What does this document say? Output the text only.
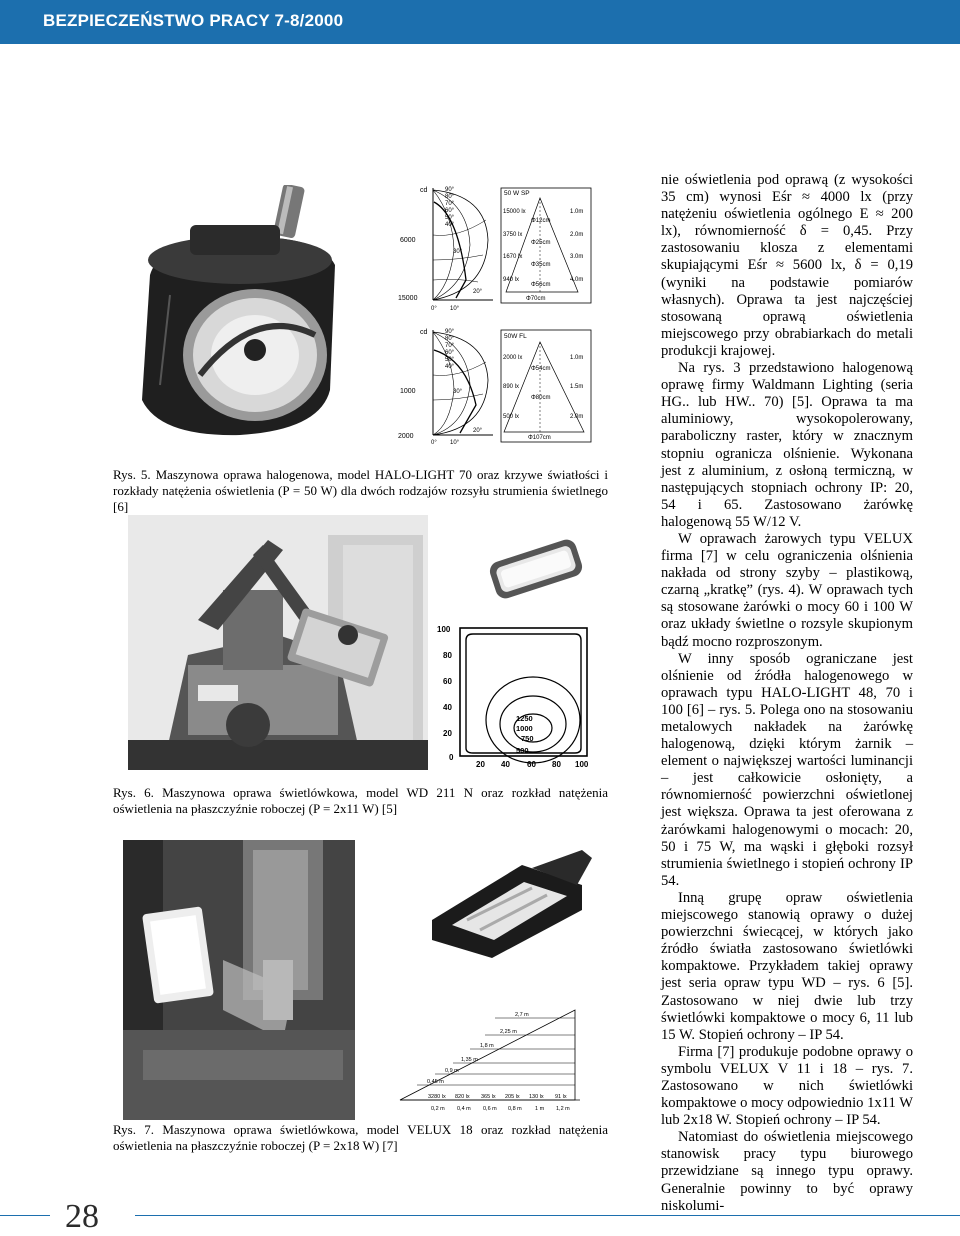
BEZPIECZEŃSTWO PRACY 7-8/2000
cd
6000
15000
90°
80°
70°
60°
50°
40°
30°
20°
0° 10°
50 W SP
15000 lx
Φ12cm
1.0m
3750 lx
Φ25cm
2.0m
1670 lx
Φ35cm
3.0m
940 lx
Φ56cm
4.0m
Φ70cm
cd
1000
2000
90°
80°
70°
60°
50°
40°
30°
20°
0° 10°
50W FL
2000 lx
Φ54cm
1.0m
890 lx
Φ80cm
1.5m
500 lx	2.0m
Φ107cm
Rys. 5. Maszynowa oprawa halogenowa, model HALO-LIGHT 70 oraz krzywe światłości i rozkłady natężenia oświetlenia (P = 50 W) dla dwóch rodzajów rozsyłu strumienia świetlnego [6]
100
80
60
40
20
0
20 40 60 80 100
1250
1000
750
500
Rys. 6. Maszynowa oprawa świetlówkowa, model WD 211 N oraz rozkład natężenia oświetlenia na płaszczyźnie roboczej (P = 2x11 W) [5]
2,7 m
2,25 m
1,8 m
1,35 m
0,9 m
0,45 m
3280 lx 820 lx 365 lx 205 lx 130 lx 91 lx
0,2 m 0,4 m 0,6 m 0,8 m 1 m 1,2 m
Rys. 7. Maszynowa oprawa świetlówkowa, model VELUX 18 oraz rozkład natężenia oświetlenia na płaszczyźnie roboczej (P = 2x18 W) [7]

nie oświetlenia pod oprawą (z wysokości 35 cm) wynosi Eśr ≈ 4000 lx (przy natężeniu oświetlenia ogólnego E ≈ 200 lx), równomierność δ = 0,45. Przy zastosowaniu klosza z elementami skupiającymi Eśr ≈ 5600 lx, δ = 0,19 (wyniki na podstawie pomiarów własnych). Oprawa ta jest najczęściej stosowaną oprawą oświetlenia miejscowego przy obrabiarkach do metali produkcji krajowej.

Na rys. 3 przedstawiono halogenową oprawę firmy Waldmann Lighting (seria HG.. lub HW.. 70) [5]. Oprawa ta ma aluminiowy, wysokopolerowany, paraboliczny raster, który w znacznym stopniu ogranicza olśnienie. Wykonana jest z aluminium, z osłoną termiczną, w następujących stopniach ochrony IP: 20, 54 i 65. Zastosowano żarówkę halogenową 55 W/12 V.

W oprawach żarowych typu VELUX firma [7] w celu ograniczenia olśnienia nakłada od strony szyby – plastikową, czarną „kratkę” (rys. 4). W oprawach tych są stosowane żarówki o mocy 60 i 100 W oraz układy świetlne o rozsyle skupionym bądź mocno rozproszonym.

W inny sposób ograniczane jest olśnienie od źródła halogenowego w oprawach typu HALO-LIGHT 48, 70 i 100 [6] – rys. 5. Polega ono na stosowaniu metalowych nakładek na żarówkę halogenową, dzięki którym żarnik – element o największej wartości luminancji – jest całkowicie osłonięty, a równomierność powierzchni oświetlonej jest większa. Oprawa ta jest oferowana z żarówkami halogenowymi o mocach: 20, 50 i 75 W, ma wąski i głęboki rozsył strumienia świetlnego i stopień ochrony IP 54.

Inną grupę opraw oświetlenia miejscowego stanowią oprawy o dużej powierzchni świecącej, w których jako źródło światła zastosowano świetlówki kompaktowe. Przykładem takiej oprawy jest seria opraw typu WD – rys. 6 [5]. Zastosowano w niej dwie lub trzy świetlówki kompaktowe o mocy 6, 11 lub 15 W. Stopień ochrony – IP 54.

Firma [7] produkuje podobne oprawy o symbolu VELUX V 11 i 18 – rys. 7. Zastosowano w nich świetlówki kompaktowe o mocy odpowiednio 1x11 W lub 2x18 W. Stopień ochrony – IP 54.

Natomiast do oświetlenia miejscowego stanowisk pracy typu biurowego przewidziane są innego typu oprawy. Generalnie powinny to być oprawy niskolumi-

28
